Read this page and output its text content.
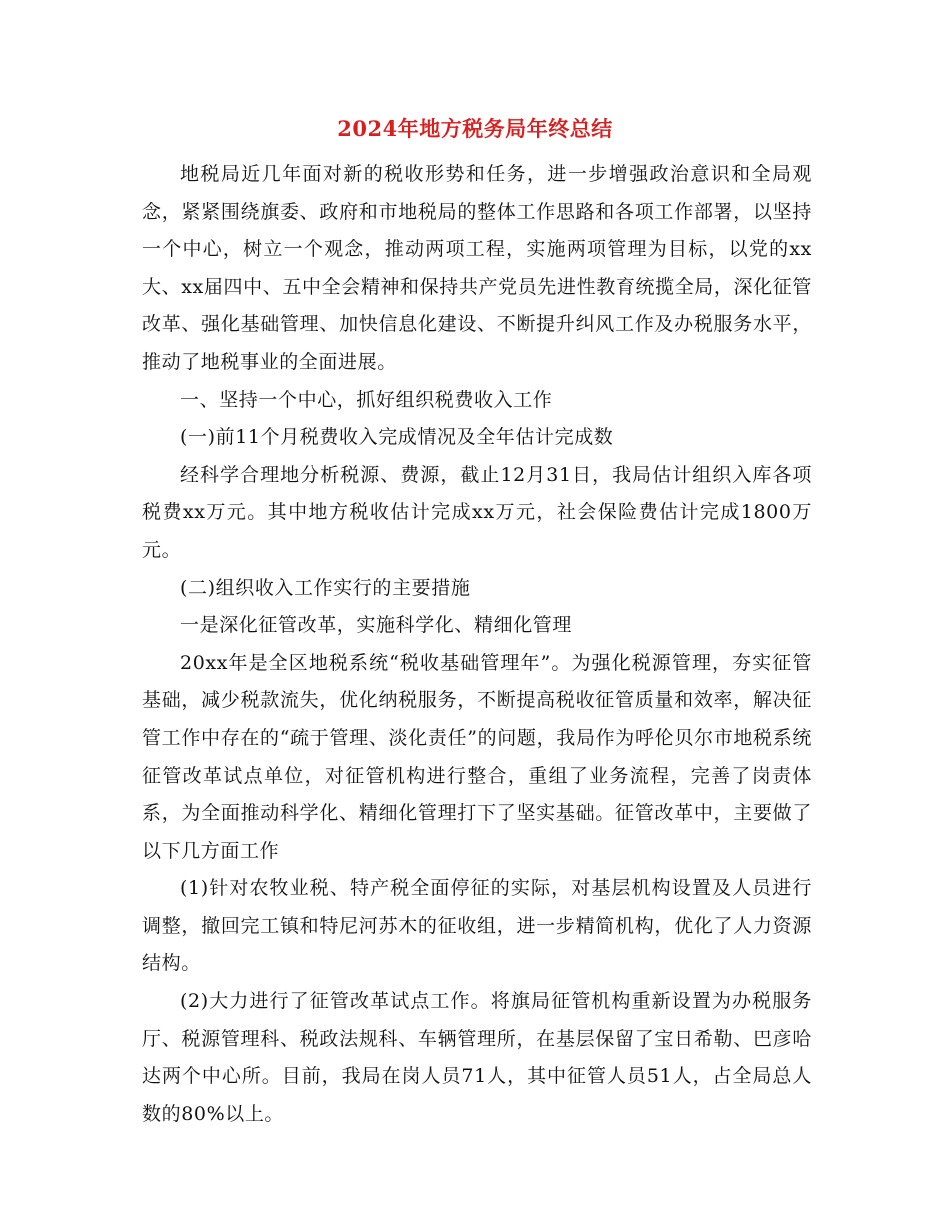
2024年地方税务局年终总结

地税局近几年面对新的税收形势和任务，进一步增强政治意识和全局观念，紧紧围绕旗委、政府和市地税局的整体工作思路和各项工作部署，以坚持一个中心，树立一个观念，推动两项工程，实施两项管理为目标，以党的xx大、xx届四中、五中全会精神和保持共产党员先进性教育统揽全局，深化征管改革、强化基础管理、加快信息化建设、不断提升纠风工作及办税服务水平，推动了地税事业的全面进展。

一、坚持一个中心，抓好组织税费收入工作

(一)前11个月税费收入完成情况及全年估计完成数

经科学合理地分析税源、费源，截止12月31日，我局估计组织入库各项税费xx万元。其中地方税收估计完成xx万元，社会保险费估计完成1800万元。

(二)组织收入工作实行的主要措施

一是深化征管改革，实施科学化、精细化管理

20xx年是全区地税系统“税收基础管理年”。为强化税源管理，夯实征管基础，减少税款流失，优化纳税服务，不断提高税收征管质量和效率，解决征管工作中存在的“疏于管理、淡化责任”的问题，我局作为呼伦贝尔市地税系统征管改革试点单位，对征管机构进行整合，重组了业务流程，完善了岗责体系，为全面推动科学化、精细化管理打下了坚实基础。征管改革中，主要做了以下几方面工作

(1)针对农牧业税、特产税全面停征的实际，对基层机构设置及人员进行调整，撤回完工镇和特尼河苏木的征收组，进一步精简机构，优化了人力资源结构。

(2)大力进行了征管改革试点工作。将旗局征管机构重新设置为办税服务厅、税源管理科、税政法规科、车辆管理所，在基层保留了宝日希勒、巴彦哈达两个中心所。目前，我局在岗人员71人，其中征管人员51人，占全局总人数的80%以上。
